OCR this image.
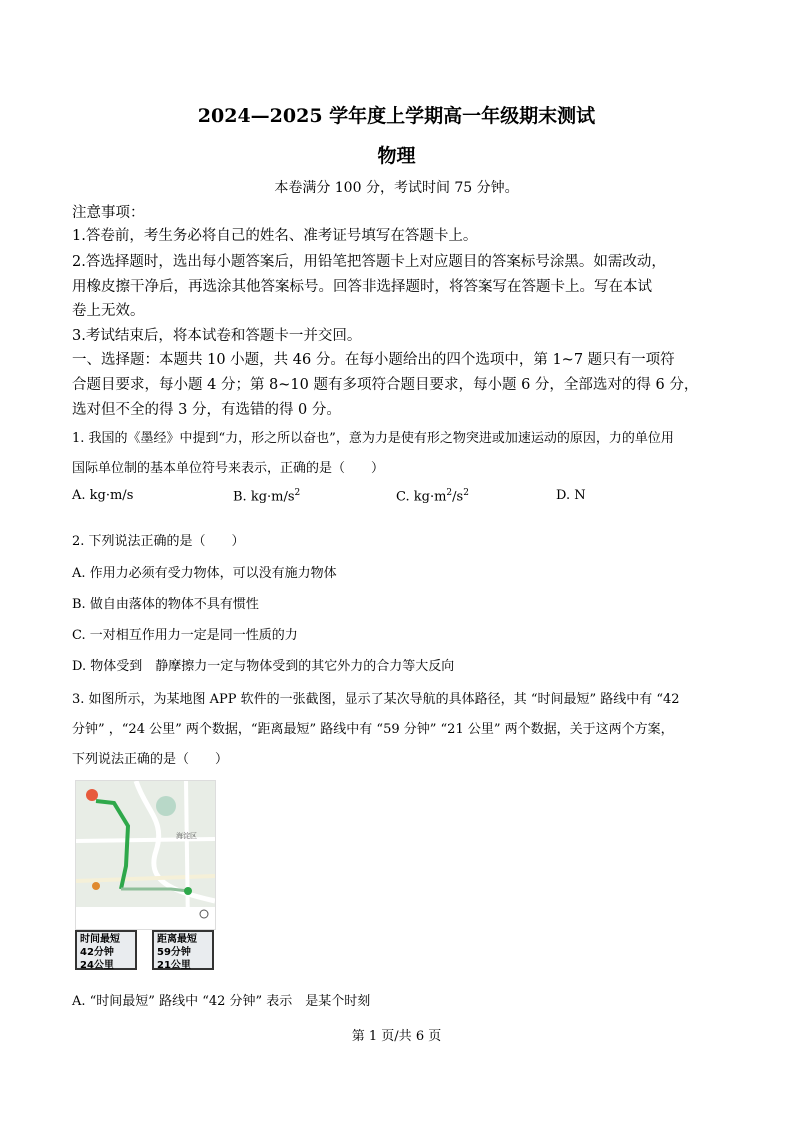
2024—2025 学年度上学期高一年级期末测试
物理
本卷满分 100 分，考试时间 75 分钟。
注意事项：
1.答卷前，考生务必将自己的姓名、准考证号填写在答题卡上。
2.答选择题时，选出每小题答案后，用铅笔把答题卡上对应题目的答案标号涂黑。如需改动，
用橡皮擦干净后，再选涂其他答案标号。回答非选择题时，将答案写在答题卡上。写在本试
卷上无效。
3.考试结束后，将本试卷和答题卡一并交回。
一、选择题：本题共 10 小题，共 46 分。在每小题给出的四个选项中，第 1~7 题只有一项符
合题目要求，每小题 4 分；第 8~10 题有多项符合题目要求，每小题 6 分，全部选对的得 6 分，
选对但不全的得 3 分，有选错的得 0 分。
1. 我国的《墨经》中提到“力，形之所以奋也”，意为力是使有形之物突进或加速运动的原因，力的单位用
国际单位制的基本单位符号来表示，正确的是（　　）
A. kg·m/s	B. $kg\cdot m/s^2$	C. $kg\cdot m^2/s^2$	D. N
2. 下列说法正确的是（　　）
A. 作用力必须有受力物体，可以没有施力物体
B. 做自由落体的物体不具有惯性
C. 一对相互作用力一定是同一性质的力
D. 物体受到　静摩擦力一定与物体受到的其它外力的合力等大反向
3. 如图所示，为某地图 APP 软件的一张截图，显示了某次导航的具体路径，其 “时间最短” 路线中有 “42
分钟” ，“24 公里” 两个数据，“距离最短” 路线中有 “59 分钟” “21 公里” 两个数据，关于这两个方案，
下列说法正确的是（　　）
海淀区
时间最短
42分钟
24公里
距离最短
59分钟
21公里
A. “时间最短” 路线中 “42 分钟” 表示　是某个时刻
第 1 页/共 6 页
